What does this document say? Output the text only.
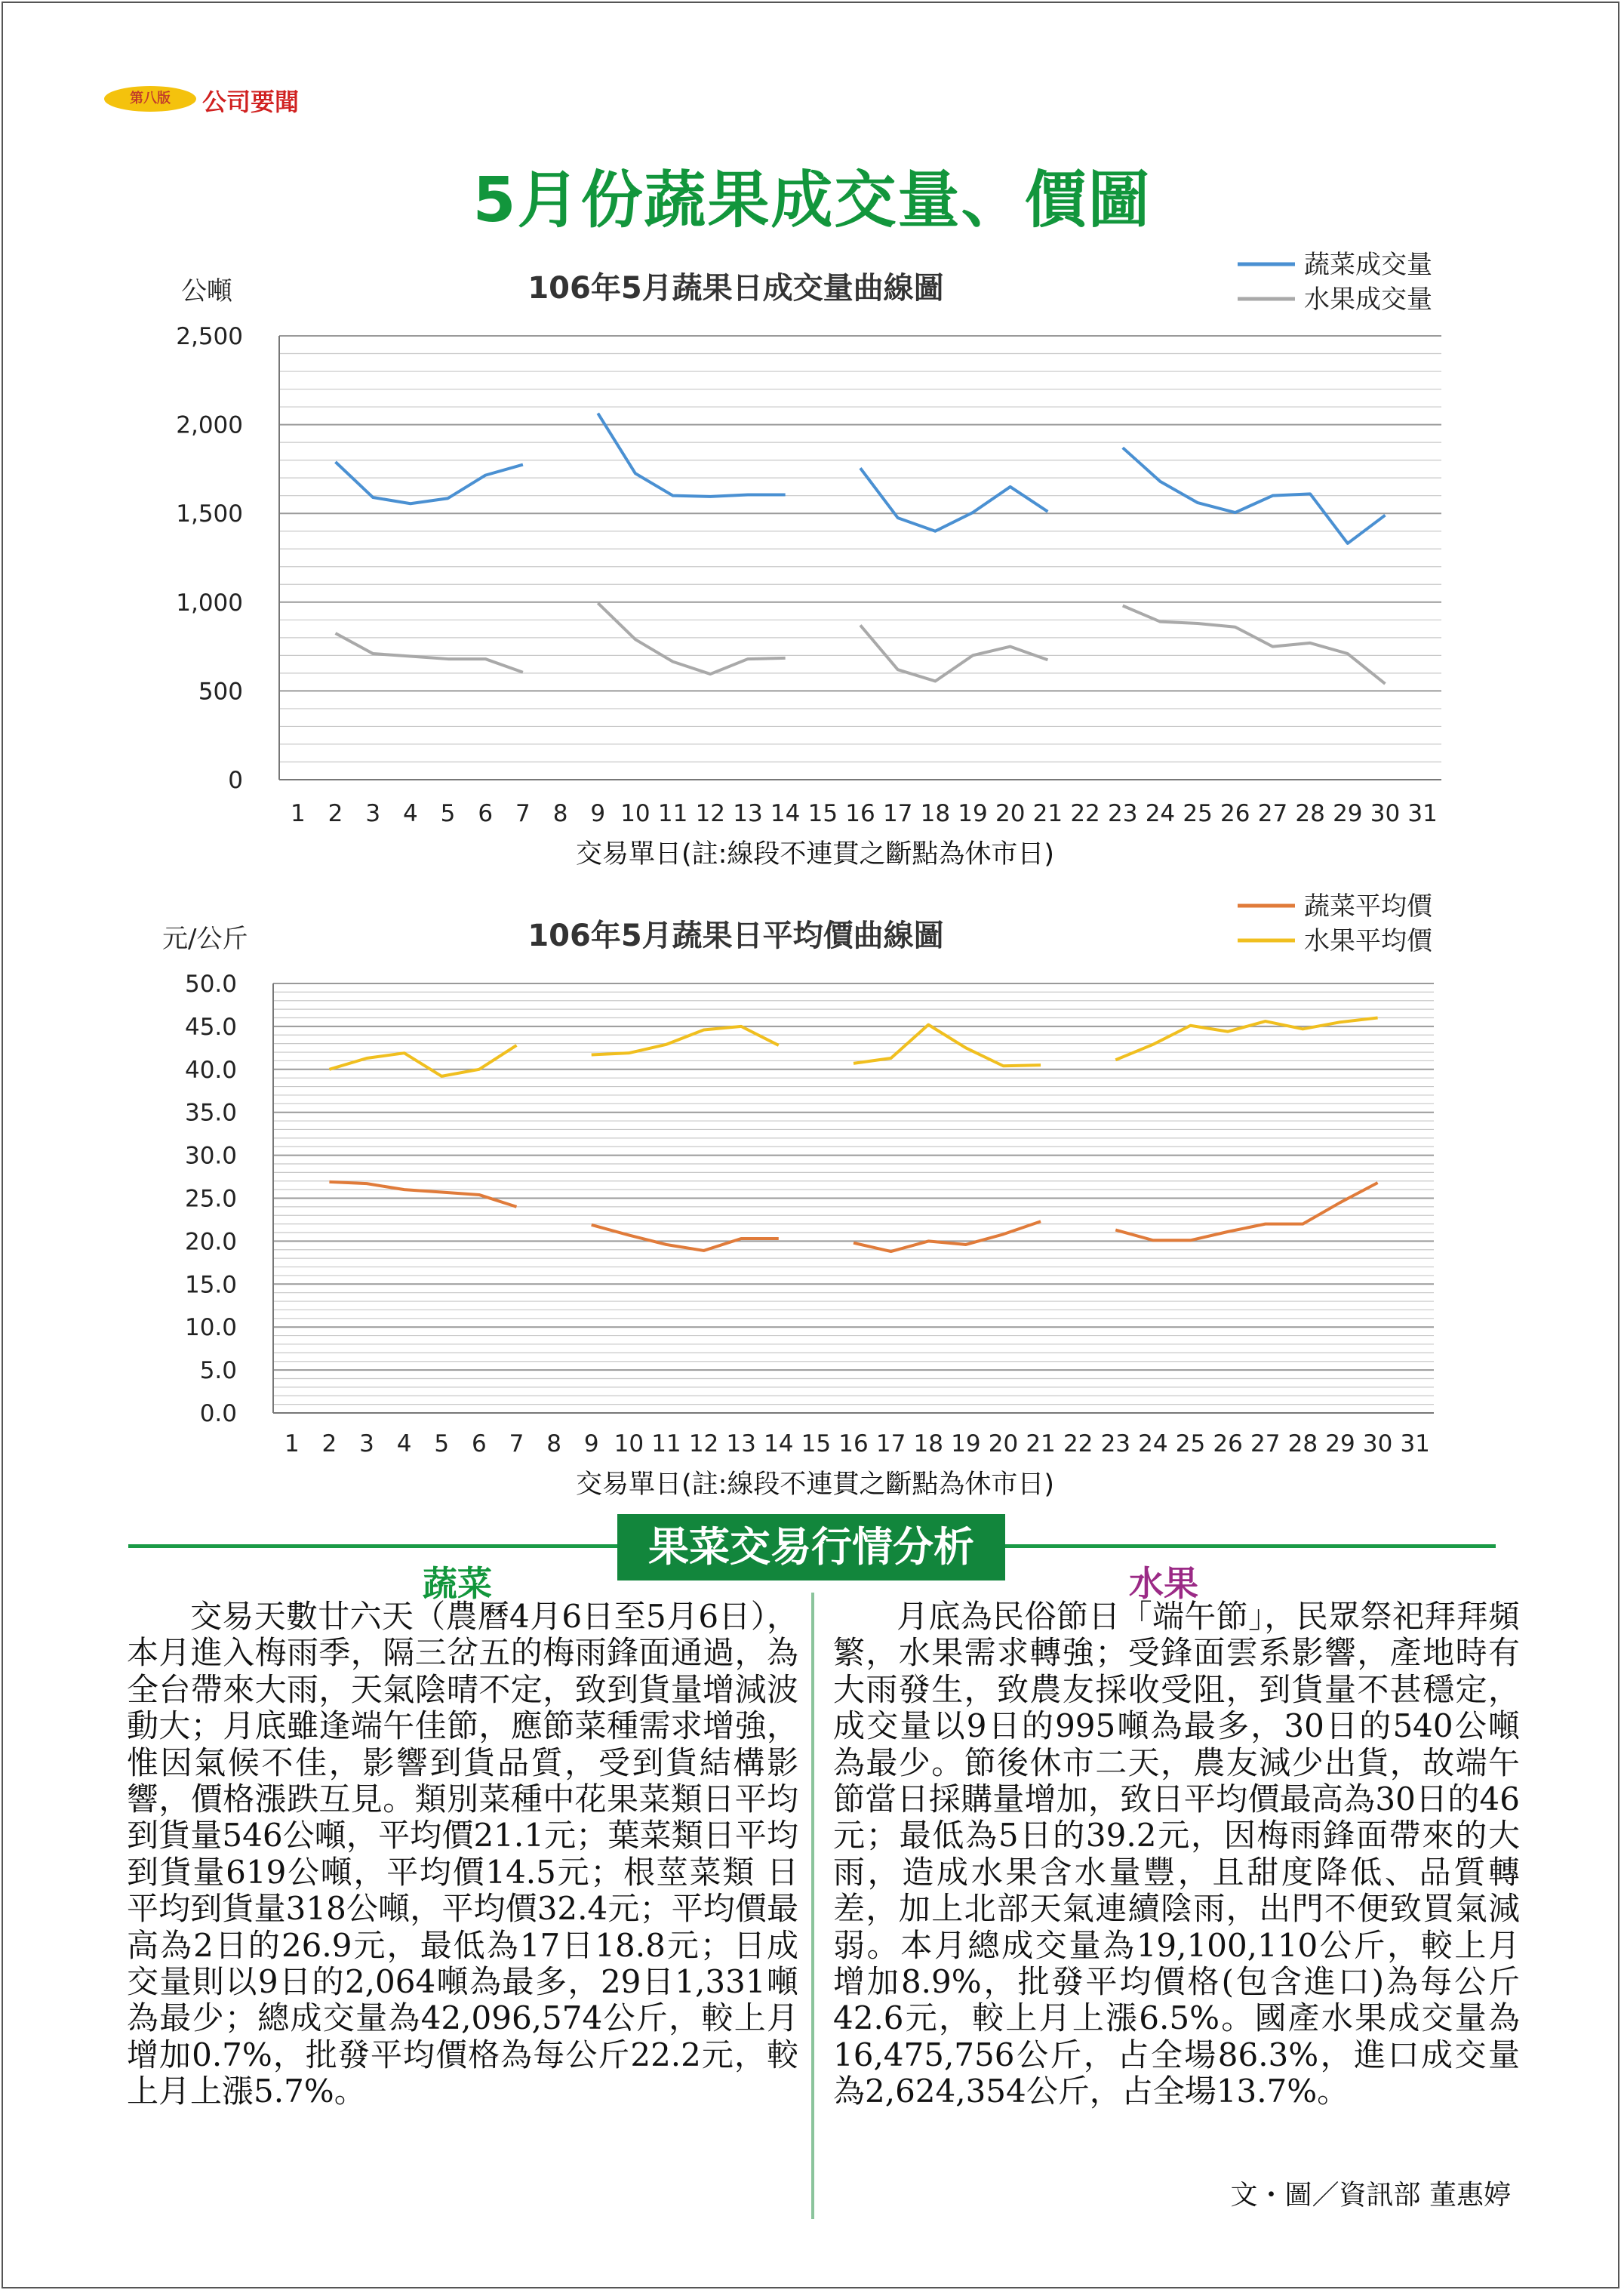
第八版	公司要聞
5月份蔬果成交量、價圖
106年5月蔬果日成交量曲線圖
公噸
交易單日(註:線段不連貫之斷點為休市日)
2,500
2,000
1,500
1,000
500
0
1 2 3 4 5 6 7 8 9 10 11 12 13 14 15 16 17 18 19 20 21 22 23 24 25 26 27 28 29 30 31
蔬菜成交量
水果成交量
106年5月蔬果日平均價曲線圖
元/公斤
交易單日(註:線段不連貫之斷點為休市日)
50.0
45.0
40.0
35.0
30.0
25.0
20.0
15.0
10.0
5.0
0.0
1 2 3 4 5 6 7 8 9 10 11 12 13 14 15 16 17 18 19 20 21 22 23 24 25 26 27 28 29 30 31
蔬菜平均價
水果平均價
果菜交易行情分析
蔬菜	水果
交易天數廿六天（農曆4月6日至5月6日），本月進入梅雨季，隔三岔五的梅雨鋒面通過，為全台帶來大雨，天氣陰晴不定，致到貨量增減波動大；月底雖逢端午佳節，應節菜種需求增強，惟因氣候不佳，影響到貨品質，受到貨結構影響，價格漲跌互見。類別菜種中花果菜類日平均到貨量546公噸，平均價21.1元；葉菜類日平均到貨量619公噸，平均價14.5元；根莖菜類 日平均到貨量318公噸，平均價32.4元；平均價最高為2日的26.9元，最低為17日18.8元；日成交量則以9日的2,064噸為最多，29日1,331噸為最少；總成交量為42,096,574公斤，較上月增加0.7%，批發平均價格為每公斤22.2元，較上月上漲5.7%。
月底為民俗節日「端午節」，民眾祭祀拜拜頻繁，水果需求轉強；受鋒面雲系影響，產地時有大雨發生，致農友採收受阻，到貨量不甚穩定，成交量以9日的995噸為最多，30日的540公噸為最少。節後休市二天，農友減少出貨，故端午節當日採購量增加，致日平均價最高為30日的46元；最低為5日的39.2元，因梅雨鋒面帶來的大雨，造成水果含水量豐，且甜度降低、品質轉差，加上北部天氣連續陰雨，出門不便致買氣減弱。本月總成交量為19,100,110公斤，較上月增加8.9%，批發平均價格(包含進口)為每公斤42.6元，較上月上漲6.5%。國產水果成交量為16,475,756公斤，占全場86.3%，進口成交量為2,624,354公斤，占全場13.7%。
文・圖／資訊部 董惠婷
